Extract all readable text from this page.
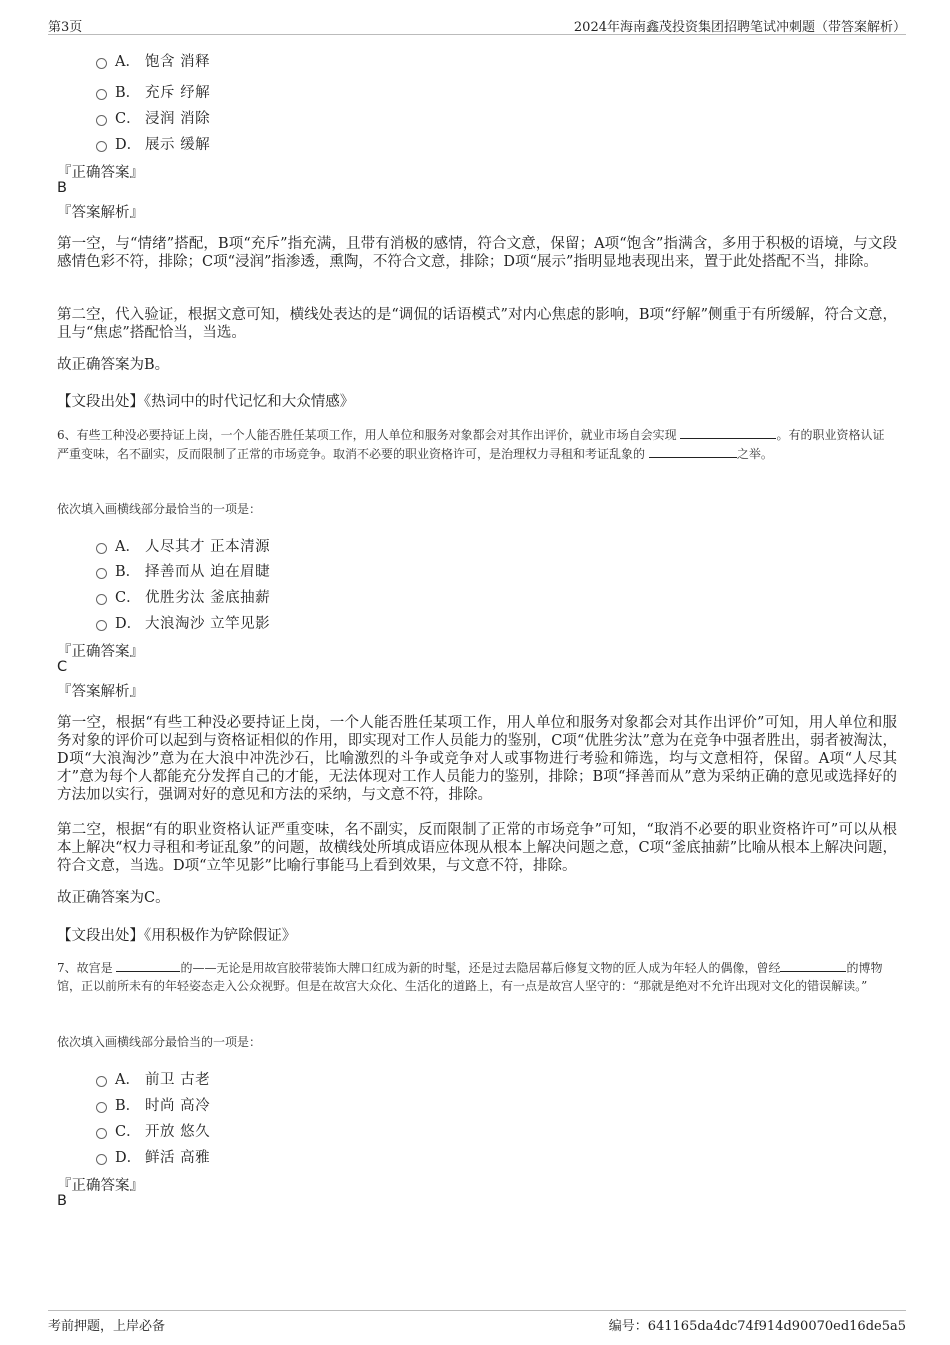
第3页	2024年海南鑫茂投资集团招聘笔试冲刺题（带答案解析）
A． 饱含 消释
B． 充斥 纾解
C． 浸润 消除
D． 展示 缓解
『正确答案』
B
『答案解析』
第一空，与“情绪”搭配，B项“充斥”指充满，且带有消极的感情，符合文意，保留；A项“饱含”指满含，多用于积极的语境，与文段感情色彩不符，排除；C项“浸润”指渗透，熏陶，不符合文意，排除；D项“展示”指明显地表现出来，置于此处搭配不当，排除。
第二空，代入验证，根据文意可知，横线处表达的是“调侃的话语模式”对内心焦虑的影响，B项“纾解”侧重于有所缓解，符合文意，且与“焦虑”搭配恰当，当选。
故正确答案为B。
【文段出处】《热词中的时代记忆和大众情感》
6、有些工种没必要持证上岗，一个人能否胜任某项工作，用人单位和服务对象都会对其作出评价，就业市场自会实现	。有的职业资格认证严重变味，名不副实，反而限制了正常的市场竞争。取消不必要的职业资格许可，是治理权力寻租和考证乱象的	之举。
依次填入画横线部分最恰当的一项是：
A． 人尽其才 正本清源
B． 择善而从 迫在眉睫
C． 优胜劣汰 釜底抽薪
D． 大浪淘沙 立竿见影
『正确答案』
C
『答案解析』
第一空，根据“有些工种没必要持证上岗，一个人能否胜任某项工作，用人单位和服务对象都会对其作出评价”可知，用人单位和服务对象的评价可以起到与资格证相似的作用，即实现对工作人员能力的鉴别，C项“优胜劣汰”意为在竞争中强者胜出，弱者被淘汰，D项“大浪淘沙”意为在大浪中冲洗沙石，比喻激烈的斗争或竞争对人或事物进行考验和筛选，均与文意相符，保留。A项“人尽其才”意为每个人都能充分发挥自己的才能，无法体现对工作人员能力的鉴别，排除；B项“择善而从”意为采纳正确的意见或选择好的方法加以实行，强调对好的意见和方法的采纳，与文意不符，排除。
第二空，根据“有的职业资格认证严重变味，名不副实，反而限制了正常的市场竞争”可知，“取消不必要的职业资格许可”可以从根本上解决“权力寻租和考证乱象”的问题，故横线处所填成语应体现从根本上解决问题之意，C项“釜底抽薪”比喻从根本上解决问题，符合文意，当选。D项“立竿见影”比喻行事能马上看到效果，与文意不符，排除。
故正确答案为C。
【文段出处】《用积极作为铲除假证》
7、故宫是	的——无论是用故宫胶带装饰大牌口红成为新的时髦，还是过去隐居幕后修复文物的匠人成为年轻人的偶像，曾经	的博物馆，正以前所未有的年轻姿态走入公众视野。但是在故宫大众化、生活化的道路上，有一点是故宫人坚守的：“那就是绝对不允许出现对文化的错误解读。”
依次填入画横线部分最恰当的一项是：
A． 前卫 古老
B． 时尚 高冷
C． 开放 悠久
D． 鲜活 高雅
『正确答案』
B
考前押题，上岸必备	编号：641165da4dc74f914d90070ed16de5a5
